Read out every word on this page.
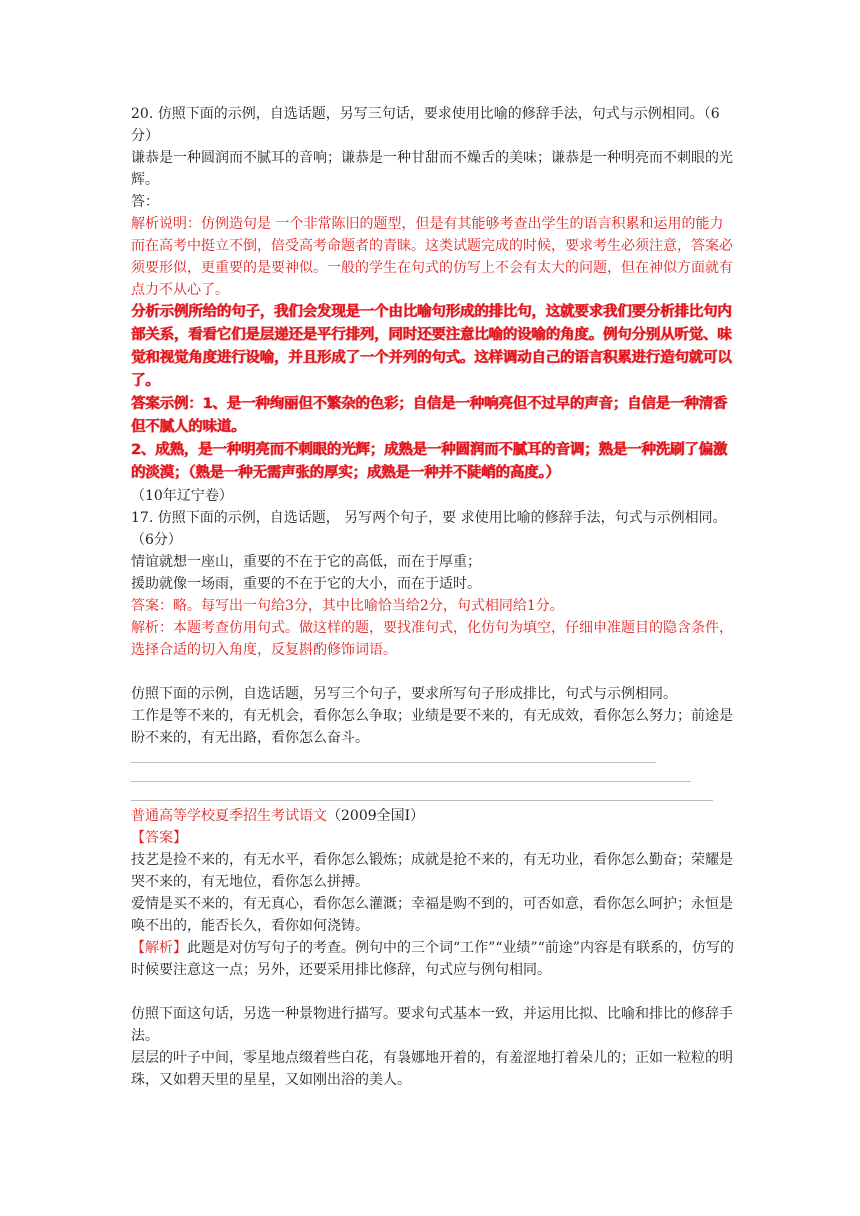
20. 仿照下面的示例，自选话题，另写三句话，要求使用比喻的修辞手法，句式与示例相同。（6分）

谦恭是一种圆润而不腻耳的音响；谦恭是一种甘甜而不燥舌的美味；谦恭是一种明亮而不刺眼的光辉。

答：

解析说明：仿例造句是 一个非常陈旧的题型，但是有其能够考查出学生的语言积累和运用的能力而在高考中挺立不倒，倍受高考命题者的青睐。这类试题完成的时候，要求考生必须注意，答案必须要形似，更重要的是要神似。一般的学生在句式的仿写上不会有太大的问题，但在神似方面就有点力不从心了。

分析示例所给的句子，我们会发现是一个由比喻句形成的排比句，这就要求我们要分析排比句内部关系，看看它们是层递还是平行排列，同时还要注意比喻的设喻的角度。例句分别从听觉、味觉和视觉角度进行设喻，并且形成了一个并列的句式。这样调动自己的语言积累进行造句就可以了。

答案示例：1、是一种绚丽但不繁杂的色彩；自信是一种响亮但不过早的声音；自信是一种清香但不腻人的味道。

2、成熟，是一种明亮而不刺眼的光辉；成熟是一种圆润而不腻耳的音调；熟是一种洗刷了偏激的淡漠；（熟是一种无需声张的厚实；成熟是一种并不陡峭的高度。）

（10年辽宁卷）

17. 仿照下面的示例，自选话题， 另写两个句子，要 求使用比喻的修辞手法，句式与示例相同。（6分）

情谊就想一座山，重要的不在于它的高低，而在于厚重；

援助就像一场雨，重要的不在于它的大小，而在于适时。

答案：略。每写出一句给3分，其中比喻恰当给2分，句式相同给1分。

解析：本题考查仿用句式。做这样的题，要找准句式，化仿句为填空，仔细申准题目的隐含条件，选择合适的切入角度，反复斟酌修饰词语。

仿照下面的示例，自选话题，另写三个句子，要求所写句子形成排比，句式与示例相同。

工作是等不来的，有无机会，看你怎么争取；业绩是要不来的，有无成效，看你怎么努力；前途是盼不来的，有无出路，看你怎么奋斗。

普通高等学校夏季招生考试语文（2009全国Ⅰ）

【答案】

技艺是捡不来的，有无水平，看你怎么锻炼；成就是抢不来的，有无功业，看你怎么勤奋；荣耀是哭不来的，有无地位，看你怎么拼搏。

爱情是买不来的，有无真心，看你怎么灌溉；幸福是购不到的，可否如意，看你怎么呵护；永恒是唤不出的，能否长久，看你如何浇铸。

【解析】此题是对仿写句子的考查。例句中的三个词“工作”“业绩”“前途”内容是有联系的，仿写的时候要注意这一点；另外，还要采用排比修辞，句式应与例句相同。

仿照下面这句话，另选一种景物进行描写。要求句式基本一致，并运用比拟、比喻和排比的修辞手法。

层层的叶子中间，零星地点缀着些白花，有袅娜地开着的，有羞涩地打着朵儿的；正如一粒粒的明珠，又如碧天里的星星，又如刚出浴的美人。
